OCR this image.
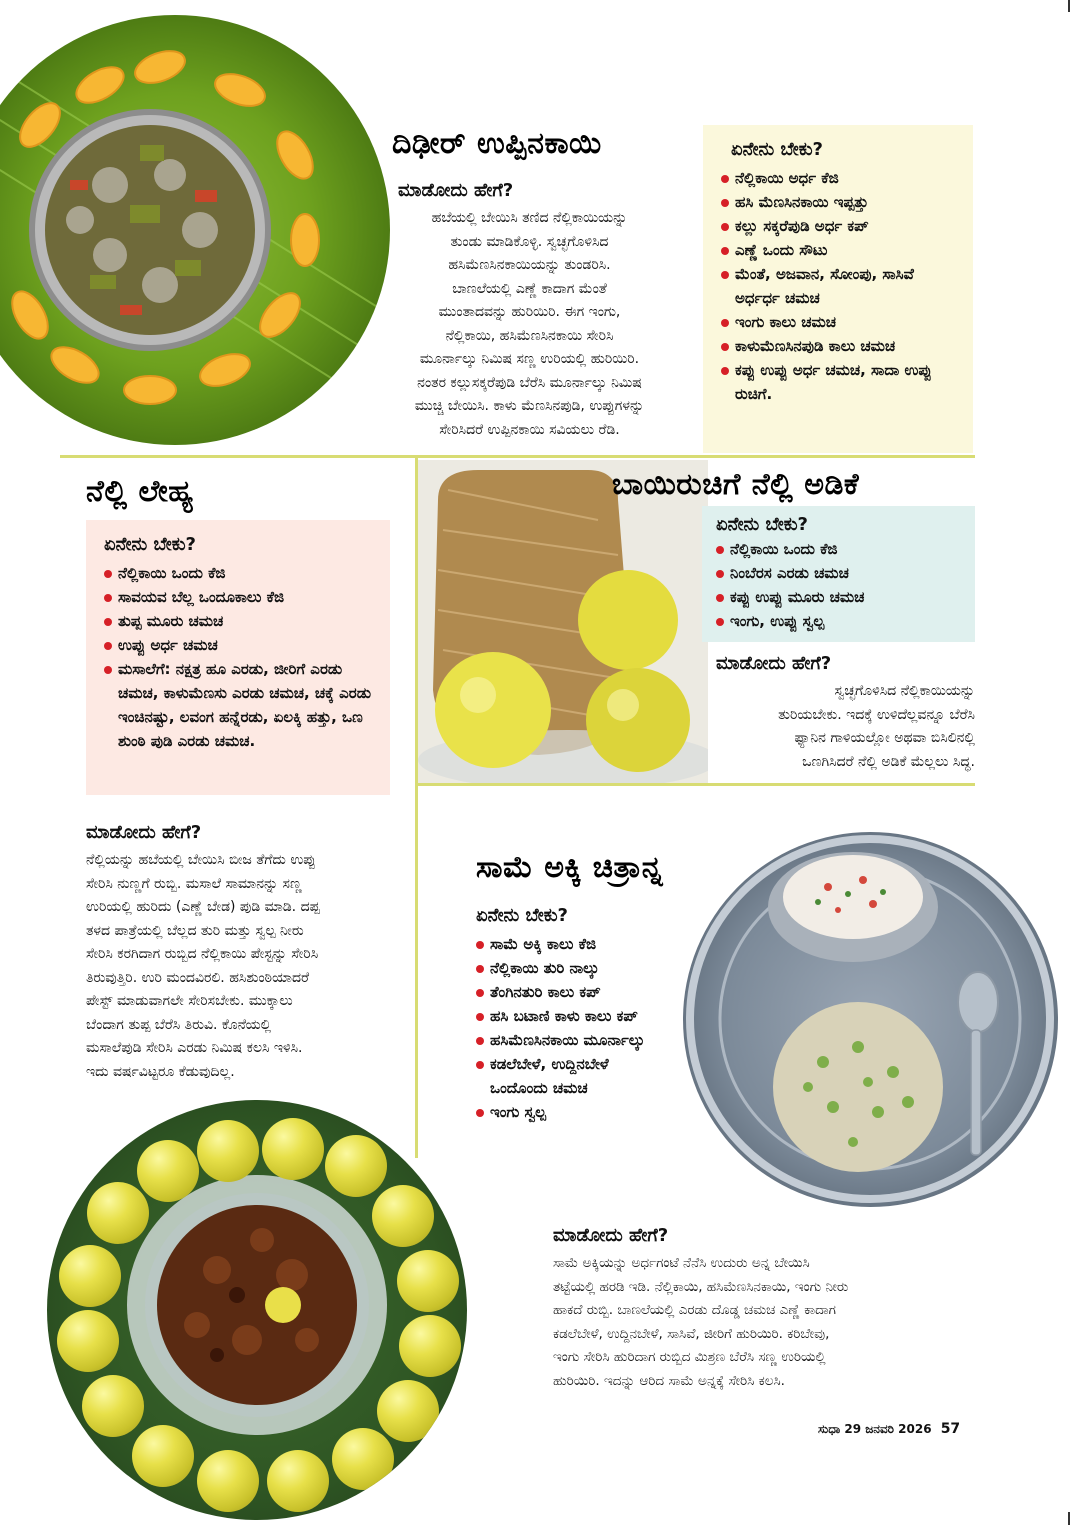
ದಿಢೀರ್ ಉಪ್ಪಿನಕಾಯಿ
ಮಾಡೋದು ಹೇಗೆ?

ಹಬೆಯಲ್ಲಿ ಬೇಯಿಸಿ ತಣಿದ ನೆಲ್ಲಿಕಾಯಿಯನ್ನು
ತುಂಡು ಮಾಡಿಕೊಳ್ಳಿ. ಸ್ವಚ್ಛಗೊಳಿಸಿದ
ಹಸಿಮೆಣಸಿನಕಾಯಿಯನ್ನು ತುಂಡರಿಸಿ.
ಬಾಣಲೆಯಲ್ಲಿ ಎಣ್ಣೆ ಕಾದಾಗ ಮೆಂತೆ
ಮುಂತಾದವನ್ನು ಹುರಿಯಿರಿ. ಈಗ ಇಂಗು,
ನೆಲ್ಲಿಕಾಯಿ, ಹಸಿಮೆಣಸಿನಕಾಯಿ ಸೇರಿಸಿ
ಮೂರ್ನಾಲ್ಕು ನಿಮಿಷ ಸಣ್ಣ ಉರಿಯಲ್ಲಿ ಹುರಿಯಿರಿ.
ನಂತರ ಕಲ್ಲುಸಕ್ಕರೆಪುಡಿ ಬೆರೆಸಿ ಮೂರ್ನಾಲ್ಕು ನಿಮಿಷ
ಮುಚ್ಚಿ ಬೇಯಿಸಿ. ಕಾಳು ಮೆಣಸಿನಪುಡಿ, ಉಪ್ಪುಗಳನ್ನು
ಸೇರಿಸಿದರೆ ಉಪ್ಪಿನಕಾಯಿ ಸವಿಯಲು ರೆಡಿ.

ಏನೇನು ಬೇಕು?
ನೆಲ್ಲಿಕಾಯಿ ಅರ್ಧ ಕೆಜಿ
ಹಸಿ ಮೆಣಸಿನಕಾಯಿ ಇಪ್ಪತ್ತು
ಕಲ್ಲು ಸಕ್ಕರೆಪುಡಿ ಅರ್ಧ ಕಪ್
ಎಣ್ಣೆ ಒಂದು ಸೌಟು
ಮೆಂತೆ, ಅಜವಾನ, ಸೋಂಪು, ಸಾಸಿವೆ ಅರ್ಧರ್ಧ ಚಮಚ
ಇಂಗು ಕಾಲು ಚಮಚ
ಕಾಳುಮೆಣಸಿನಪುಡಿ ಕಾಲು ಚಮಚ
ಕಪ್ಪು ಉಪ್ಪು ಅರ್ಧ ಚಮಚ, ಸಾದಾ ಉಪ್ಪು ರುಚಿಗೆ.
ನೆಲ್ಲಿ ಲೇಹ್ಯ
ಏನೇನು ಬೇಕು?
ನೆಲ್ಲಿಕಾಯಿ ಒಂದು ಕೆಜಿ
ಸಾವಯವ ಬೆಲ್ಲ ಒಂದೂಕಾಲು ಕೆಜಿ
ತುಪ್ಪ ಮೂರು ಚಮಚ
ಉಪ್ಪು ಅರ್ಧ ಚಮಚ
ಮಸಾಲೆಗೆ: ನಕ್ಷತ್ರ ಹೂ ಎರಡು, ಜೀರಿಗೆ ಎರಡು ಚಮಚ, ಕಾಳುಮೆಣಸು ಎರಡು ಚಮಚ, ಚಕ್ಕೆ ಎರಡು ಇಂಚಿನಷ್ಟು, ಲವಂಗ ಹನ್ನೆರಡು, ಏಲಕ್ಕಿ ಹತ್ತು, ಒಣ ಶುಂಠಿ ಪುಡಿ ಎರಡು ಚಮಚ.
ಮಾಡೋದು ಹೇಗೆ?

ನೆಲ್ಲಿಯನ್ನು ಹಬೆಯಲ್ಲಿ ಬೇಯಿಸಿ ಬೀಜ ತೆಗೆದು ಉಪ್ಪು
ಸೇರಿಸಿ ನುಣ್ಣಗೆ ರುಬ್ಬಿ. ಮಸಾಲೆ ಸಾಮಾನನ್ನು ಸಣ್ಣ
ಉರಿಯಲ್ಲಿ ಹುರಿದು (ಎಣ್ಣೆ ಬೇಡ) ಪುಡಿ ಮಾಡಿ. ದಪ್ಪ
ತಳದ ಪಾತ್ರೆಯಲ್ಲಿ ಬೆಲ್ಲದ ತುರಿ ಮತ್ತು ಸ್ವಲ್ಪ ನೀರು
ಸೇರಿಸಿ ಕರಗಿದಾಗ ರುಬ್ಬಿದ ನೆಲ್ಲಿಕಾಯಿ ಪೇಸ್ಟನ್ನು ಸೇರಿಸಿ
ತಿರುವುತ್ತಿರಿ. ಉರಿ ಮಂದವಿರಲಿ. ಹಸಿಶುಂಠಿಯಾದರೆ
ಪೇಸ್ಟ್ ಮಾಡುವಾಗಲೇ ಸೇರಿಸಬೇಕು. ಮುಕ್ಕಾಲು
ಬೆಂದಾಗ ತುಪ್ಪ ಬೆರೆಸಿ ತಿರುವಿ. ಕೊನೆಯಲ್ಲಿ
ಮಸಾಲೆಪುಡಿ ಸೇರಿಸಿ ಎರಡು ನಿಮಿಷ ಕಲಸಿ ಇಳಿಸಿ.
ಇದು ವರ್ಷವಿಟ್ಟರೂ ಕೆಡುವುದಿಲ್ಲ.

ಬಾಯಿರುಚಿಗೆ ನೆಲ್ಲಿ ಅಡಿಕೆ
ಏನೇನು ಬೇಕು?
ನೆಲ್ಲಿಕಾಯಿ ಒಂದು ಕೆಜಿ
ನಿಂಬೆರಸ ಎರಡು ಚಮಚ
ಕಪ್ಪು ಉಪ್ಪು ಮೂರು ಚಮಚ
ಇಂಗು, ಉಪ್ಪು ಸ್ವಲ್ಪ
ಮಾಡೋದು ಹೇಗೆ?

ಸ್ವಚ್ಛಗೊಳಿಸಿದ ನೆಲ್ಲಿಕಾಯಿಯನ್ನು
ತುರಿಯಬೇಕು. ಇದಕ್ಕೆ ಉಳಿದೆಲ್ಲವನ್ನೂ ಬೆರೆಸಿ
ಫ್ಯಾನಿನ ಗಾಳಿಯಲ್ಲೋ ಅಥವಾ ಬಿಸಿಲಿನಲ್ಲಿ
ಒಣಗಿಸಿದರೆ ನೆಲ್ಲಿ ಅಡಿಕೆ ಮೆಲ್ಲಲು ಸಿದ್ಧ.

ಸಾಮೆ ಅಕ್ಕಿ ಚಿತ್ರಾನ್ನ
ಏನೇನು ಬೇಕು?
ಸಾಮೆ ಅಕ್ಕಿ ಕಾಲು ಕೆಜಿ
ನೆಲ್ಲಿಕಾಯಿ ತುರಿ ನಾಲ್ಕು
ತೆಂಗಿನತುರಿ ಕಾಲು ಕಪ್
ಹಸಿ ಬಟಾಣಿ ಕಾಳು ಕಾಲು ಕಪ್
ಹಸಿಮೆಣಸಿನಕಾಯಿ ಮೂರ್ನಾಲ್ಕು
ಕಡಲೆಬೇಳೆ, ಉದ್ದಿನಬೇಳೆ ಒಂದೊಂದು ಚಮಚ
ಇಂಗು ಸ್ವಲ್ಪ
ಮಾಡೋದು ಹೇಗೆ?

ಸಾಮೆ ಅಕ್ಕಿಯನ್ನು ಅರ್ಧಗಂಟೆ ನೆನೆಸಿ ಉದುರು ಅನ್ನ ಬೇಯಿಸಿ
ತಟ್ಟೆಯಲ್ಲಿ ಹರಡಿ ಇಡಿ. ನೆಲ್ಲಿಕಾಯಿ, ಹಸಿಮೆಣಸಿನಕಾಯಿ, ಇಂಗು ನೀರು
ಹಾಕದೆ ರುಬ್ಬಿ. ಬಾಣಲೆಯಲ್ಲಿ ಎರಡು ದೊಡ್ಡ ಚಮಚ ಎಣ್ಣೆ ಕಾದಾಗ
ಕಡಲೆಬೇಳೆ, ಉದ್ದಿನಬೇಳೆ, ಸಾಸಿವೆ, ಜೀರಿಗೆ ಹುರಿಯಿರಿ. ಕರಿಬೇವು,
ಇಂಗು ಸೇರಿಸಿ ಹುರಿದಾಗ ರುಬ್ಬಿದ ಮಿಶ್ರಣ ಬೆರೆಸಿ ಸಣ್ಣ ಉರಿಯಲ್ಲಿ
ಹುರಿಯಿರಿ. ಇದನ್ನು ಆರಿದ ಸಾಮೆ ಅನ್ನಕ್ಕೆ ಸೇರಿಸಿ ಕಲಸಿ.

ಸುಧಾ 29 ಜನವರಿ 2026 57
